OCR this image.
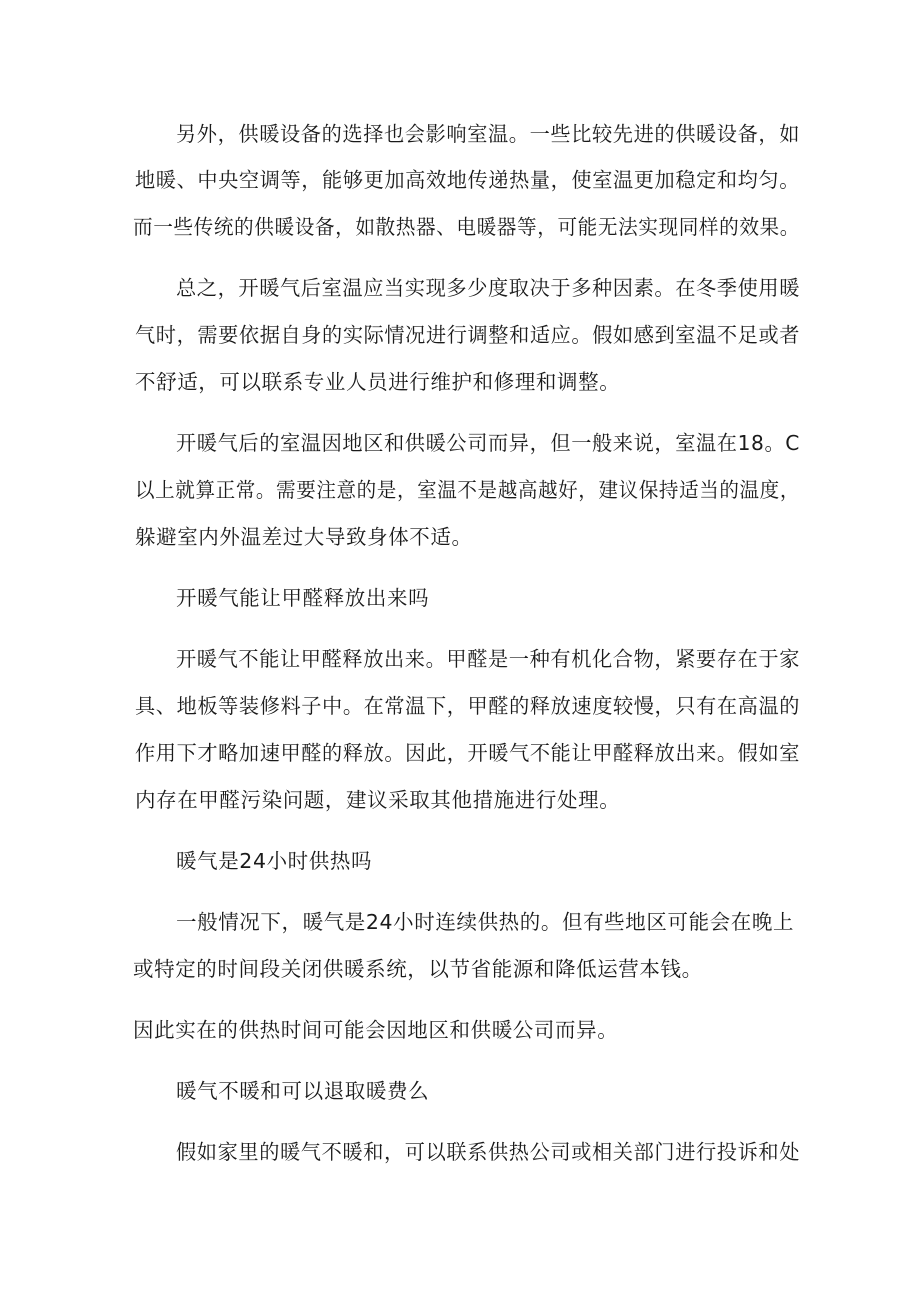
另外，供暖设备的选择也会影响室温。一些比较先进的供暖设备，如
地暖、中央空调等，能够更加高效地传递热量，使室温更加稳定和均匀。
而一些传统的供暖设备，如散热器、电暖器等，可能无法实现同样的效果。
总之，开暖气后室温应当实现多少度取决于多种因素。在冬季使用暖
气时，需要依据自身的实际情况进行调整和适应。假如感到室温不足或者
不舒适，可以联系专业人员进行维护和修理和调整。
开暖气后的室温因地区和供暖公司而异，但一般来说，室温在18。C
以上就算正常。需要注意的是，室温不是越高越好，建议保持适当的温度，
躲避室内外温差过大导致身体不适。
开暖气能让甲醛释放出来吗
开暖气不能让甲醛释放出来。甲醛是一种有机化合物，紧要存在于家
具、地板等装修料子中。在常温下，甲醛的释放速度较慢，只有在高温的
作用下才略加速甲醛的释放。因此，开暖气不能让甲醛释放出来。假如室
内存在甲醛污染问题，建议采取其他措施进行处理。
暖气是24小时供热吗
一般情况下，暖气是24小时连续供热的。但有些地区可能会在晚上
或特定的时间段关闭供暖系统，以节省能源和降低运营本钱。
因此实在的供热时间可能会因地区和供暖公司而异。
暖气不暖和可以退取暖费么
假如家里的暖气不暖和，可以联系供热公司或相关部门进行投诉和处
